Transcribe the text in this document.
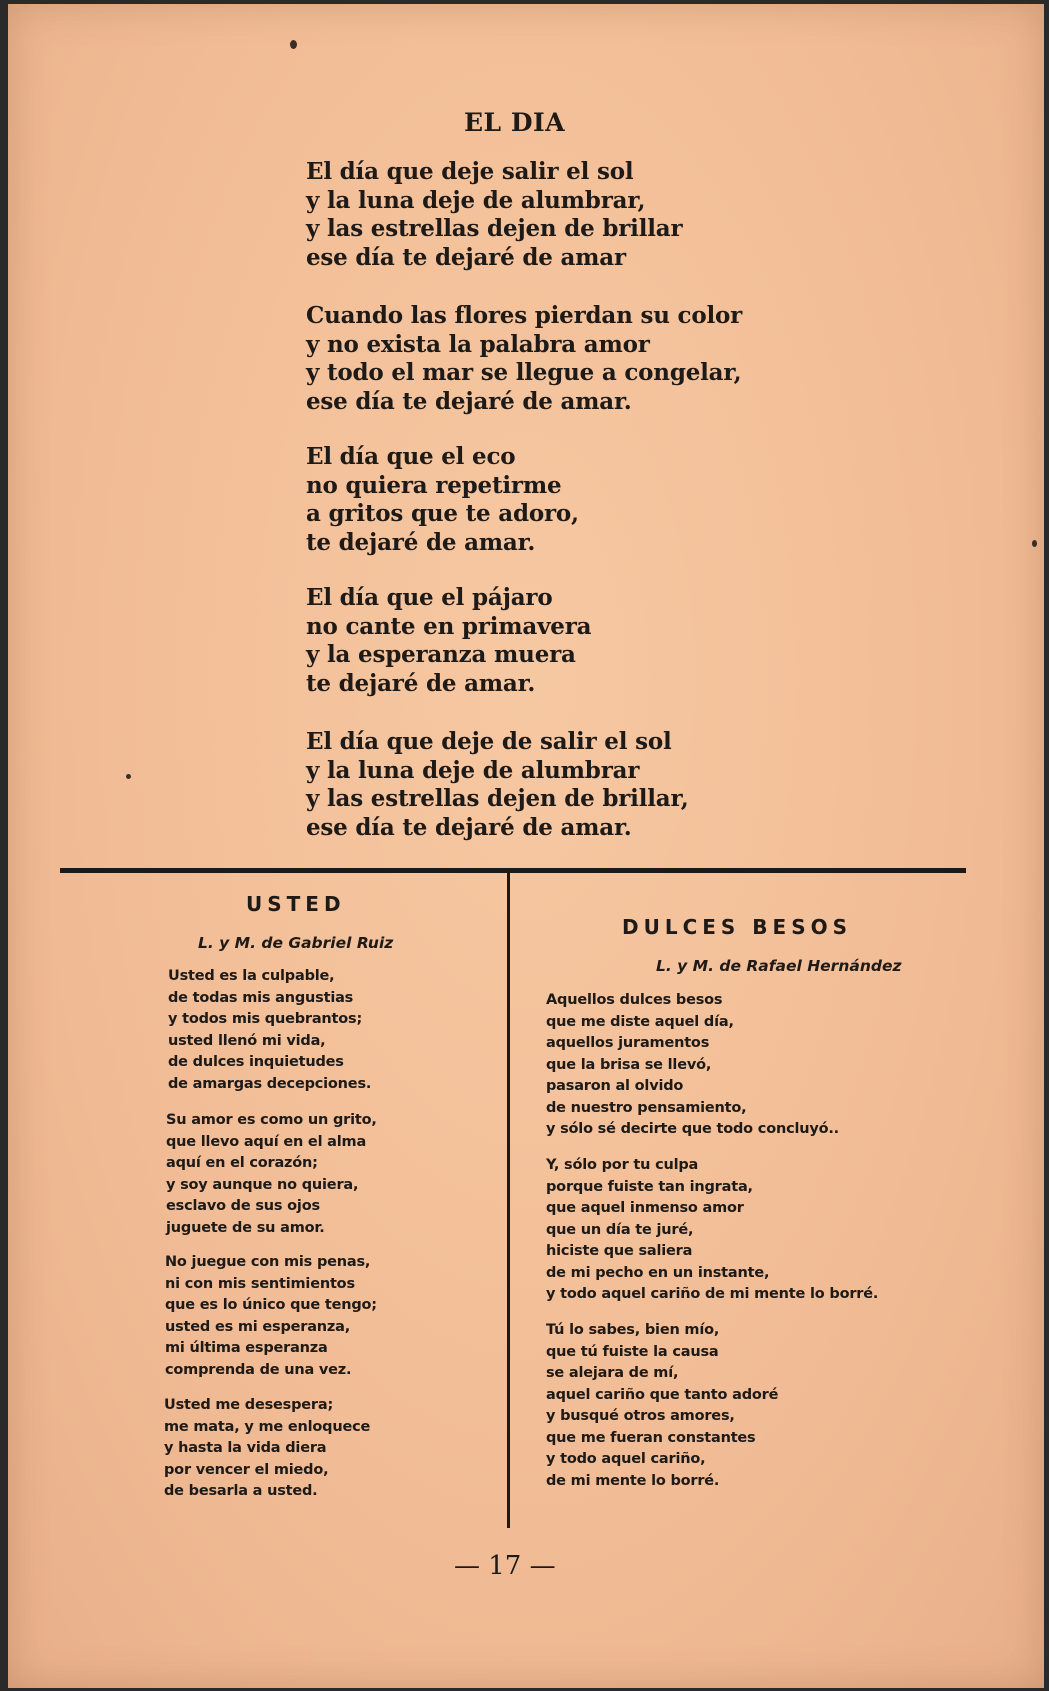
EL DIA
El día que deje salir el sol
y la luna deje de alumbrar,
y las estrellas dejen de brillar
ese día te dejaré de amar
Cuando las flores pierdan su color
y no exista la palabra amor
y todo el mar se llegue a congelar,
ese día te dejaré de amar.
El día que el eco
no quiera repetirme
a gritos que te adoro,
te dejaré de amar.
El día que el pájaro
no cante en primavera
y la esperanza muera
te dejaré de amar.
El día que deje de salir el sol
y la luna deje de alumbrar
y las estrellas dejen de brillar,
ese día te dejaré de amar.
USTED

L. y M. de Gabriel Ruiz

Usted es la culpable,
de todas mis angustias
y todos mis quebrantos;
usted llenó mi vida,
de dulces inquietudes
de amargas decepciones.
Su amor es como un grito,
que llevo aquí en el alma
aquí en el corazón;
y soy aunque no quiera,
esclavo de sus ojos
juguete de su amor.
No juegue con mis penas,
ni con mis sentimientos
que es lo único que tengo;
usted es mi esperanza,
mi última esperanza
comprenda de una vez.
Usted me desespera;
me mata, y me enloquece
y hasta la vida diera
por vencer el miedo,
de besarla a usted.
DULCES BESOS

L. y M. de Rafael Hernández

Aquellos dulces besos
que me diste aquel día,
aquellos juramentos
que la brisa se llevó,
pasaron al olvido
de nuestro pensamiento,
y sólo sé decirte que todo concluyó..
Y, sólo por tu culpa
porque fuiste tan ingrata,
que aquel inmenso amor
que un día te juré,
hiciste que saliera
de mi pecho en un instante,
y todo aquel cariño de mi mente lo borré.
Tú lo sabes, bien mío,
que tú fuiste la causa
se alejara de mí,
aquel cariño que tanto adoré
y busqué otros amores,
que me fueran constantes
y todo aquel cariño,
de mi mente lo borré.

— 17 —
